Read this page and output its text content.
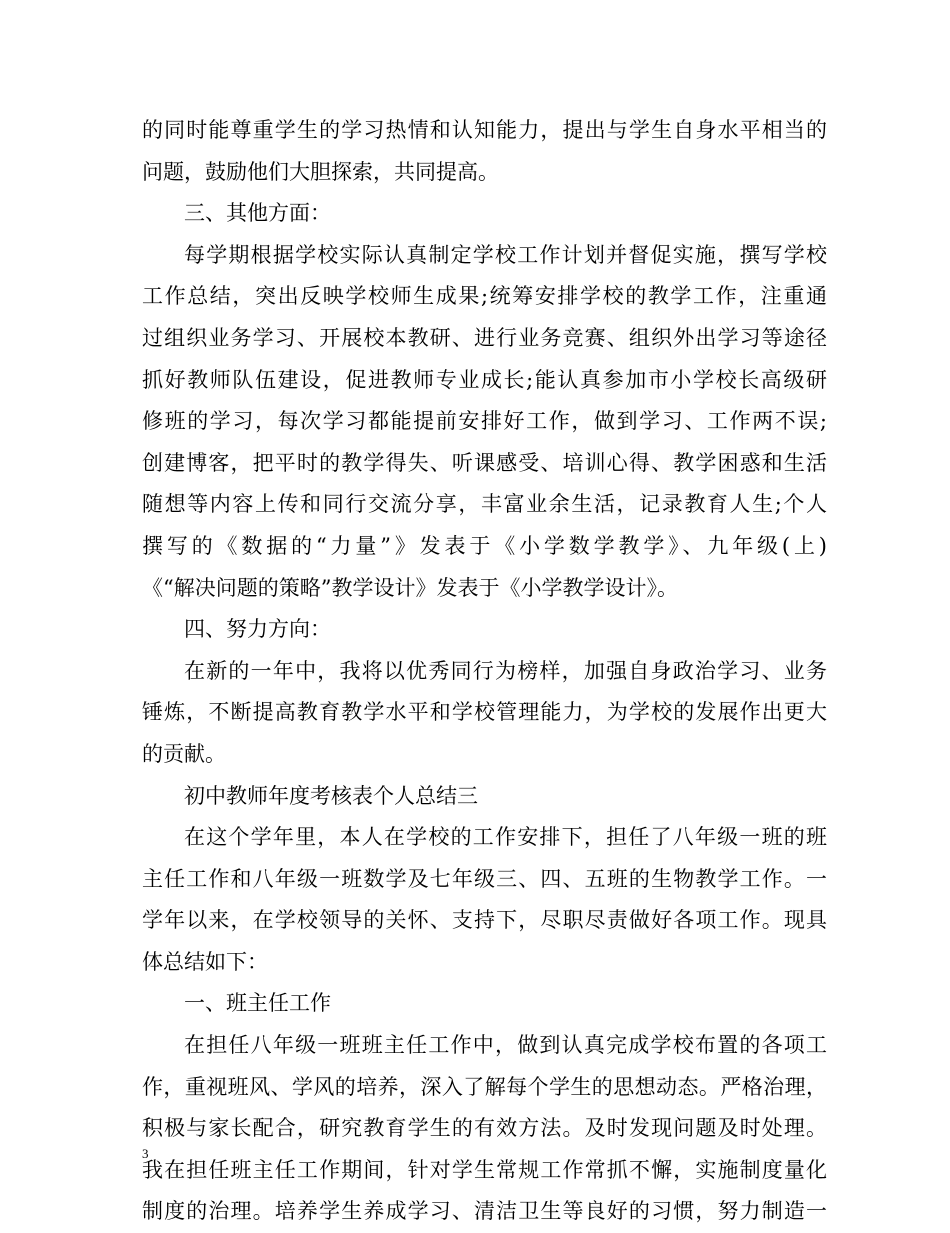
的同时能尊重学生的学习热情和认知能力，提出与学生自身水平相当的
问题，鼓励他们大胆探索，共同提高。
三、其他方面：
每学期根据学校实际认真制定学校工作计划并督促实施，撰写学校
工作总结，突出反映学校师生成果;统筹安排学校的教学工作，注重通
过组织业务学习、开展校本教研、进行业务竞赛、组织外出学习等途径
抓好教师队伍建设，促进教师专业成长;能认真参加市小学校长高级研
修班的学习，每次学习都能提前安排好工作，做到学习、工作两不误;
创建博客，把平时的教学得失、听课感受、培训心得、教学困惑和生活
随想等内容上传和同行交流分享，丰富业余生活，记录教育人生;个人
撰写的《数据的“力量”》发表于《小学数学教学》、九年级(上)
《“解决问题的策略”教学设计》发表于《小学教学设计》。
四、努力方向：
在新的一年中，我将以优秀同行为榜样，加强自身政治学习、业务
锤炼，不断提高教育教学水平和学校管理能力，为学校的发展作出更大
的贡献。
初中教师年度考核表个人总结三
在这个学年里，本人在学校的工作安排下，担任了八年级一班的班
主任工作和八年级一班数学及七年级三、四、五班的生物教学工作。一
学年以来，在学校领导的关怀、支持下，尽职尽责做好各项工作。现具
体总结如下：
一、班主任工作
在担任八年级一班班主任工作中，做到认真完成学校布置的各项工
作，重视班风、学风的培养，深入了解每个学生的思想动态。严格治理，
积极与家长配合，研究教育学生的有效方法。及时发现问题及时处理。
我在担任班主任工作期间，针对学生常规工作常抓不懈，实施制度量化
制度的治理。培养学生养成学习、清洁卫生等良好的习惯，努力制造一
3
